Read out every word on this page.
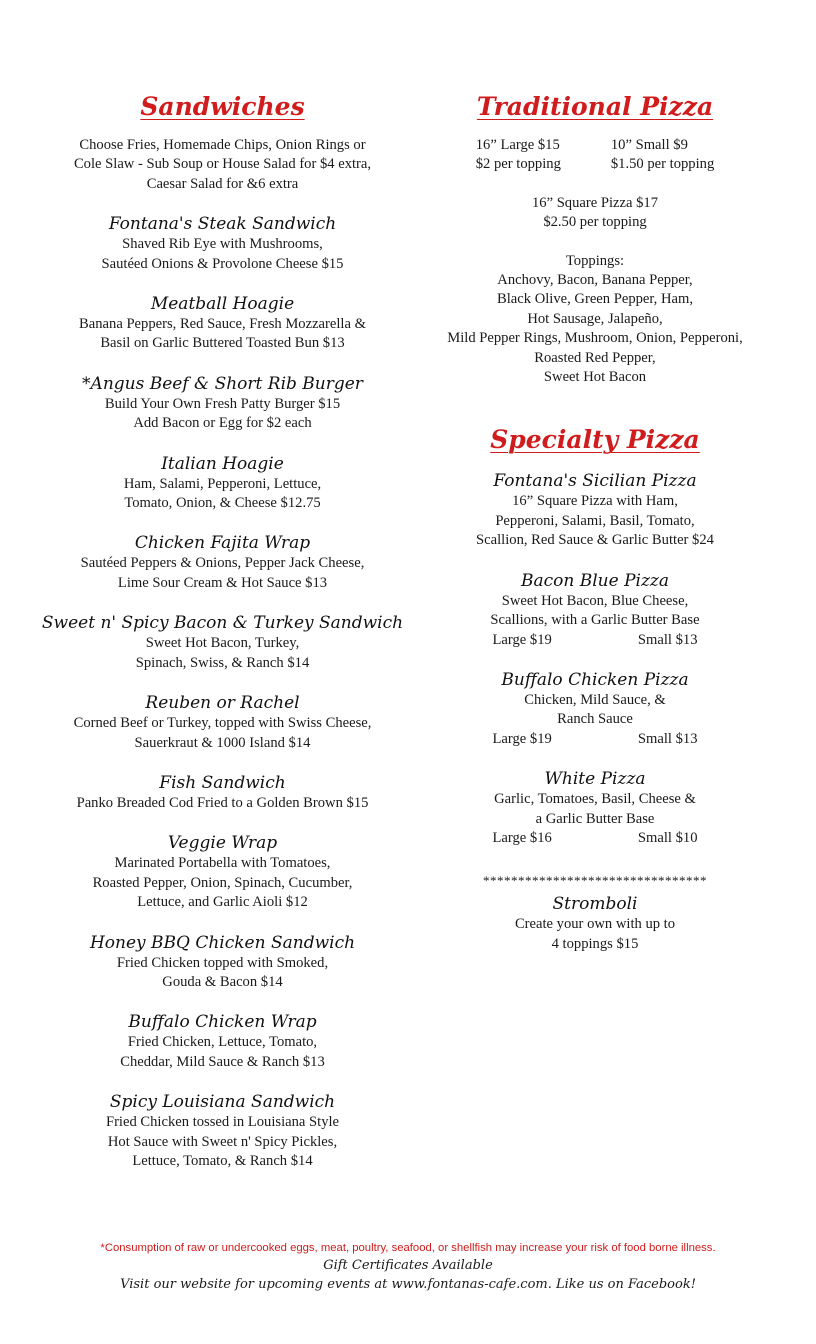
Sandwiches
Choose Fries, Homemade Chips, Onion Rings or
Cole Slaw - Sub Soup or House Salad for $4 extra,
Caesar Salad for &6 extra
Fontana's Steak Sandwich
Shaved Rib Eye with Mushrooms,
Sautéed Onions & Provolone Cheese $15
Meatball Hoagie
Banana Peppers, Red Sauce, Fresh Mozzarella &
Basil on Garlic Buttered Toasted Bun $13
*Angus Beef & Short Rib Burger
Build Your Own Fresh Patty Burger $15
Add Bacon or Egg for $2 each
Italian Hoagie
Ham, Salami, Pepperoni, Lettuce,
Tomato, Onion, & Cheese $12.75
Chicken Fajita Wrap
Sautéed Peppers & Onions, Pepper Jack Cheese,
Lime Sour Cream & Hot Sauce $13
Sweet n' Spicy Bacon & Turkey Sandwich
Sweet Hot Bacon, Turkey,
Spinach, Swiss, & Ranch $14
Reuben or Rachel
Corned Beef or Turkey, topped with Swiss Cheese,
Sauerkraut & 1000 Island $14
Fish Sandwich
Panko Breaded Cod Fried to a Golden Brown $15
Veggie Wrap
Marinated Portabella with Tomatoes,
Roasted Pepper, Onion, Spinach, Cucumber,
Lettuce, and Garlic Aioli $12
Honey BBQ Chicken Sandwich
Fried Chicken topped with Smoked,
Gouda & Bacon $14
Buffalo Chicken Wrap
Fried Chicken, Lettuce, Tomato,
Cheddar, Mild Sauce & Ranch $13
Spicy Louisiana Sandwich
Fried Chicken tossed in Louisiana Style
Hot Sauce with Sweet n' Spicy Pickles,
Lettuce, Tomato, & Ranch $14
Traditional Pizza
16” Large $15
$2 per topping
10” Small $9
$1.50 per topping
16” Square Pizza $17
$2.50 per topping
Toppings:
Anchovy, Bacon, Banana Pepper,
Black Olive, Green Pepper, Ham,
Hot Sausage, Jalapeño,
Mild Pepper Rings, Mushroom, Onion, Pepperoni,
Roasted Red Pepper,
Sweet Hot Bacon
Specialty Pizza
Fontana's Sicilian Pizza
16” Square Pizza with Ham,
Pepperoni, Salami, Basil, Tomato,
Scallion, Red Sauce & Garlic Butter $24
Bacon Blue Pizza
Sweet Hot Bacon, Blue Cheese,
Scallions, with a Garlic Butter Base
Large $19	Small $13
Buffalo Chicken Pizza
Chicken, Mild Sauce, &
Ranch Sauce
Large $19	Small $13
White Pizza
Garlic, Tomatoes, Basil, Cheese &
a Garlic Butter Base
Large $16	Small $10
********************************
Stromboli
Create your own with up to
4 toppings $15
*Consumption of raw or undercooked eggs, meat, poultry, seafood, or shellfish may increase your risk of food borne illness.
Gift Certificates Available
Visit our website for upcoming events at www.fontanas-cafe.com. Like us on Facebook!
